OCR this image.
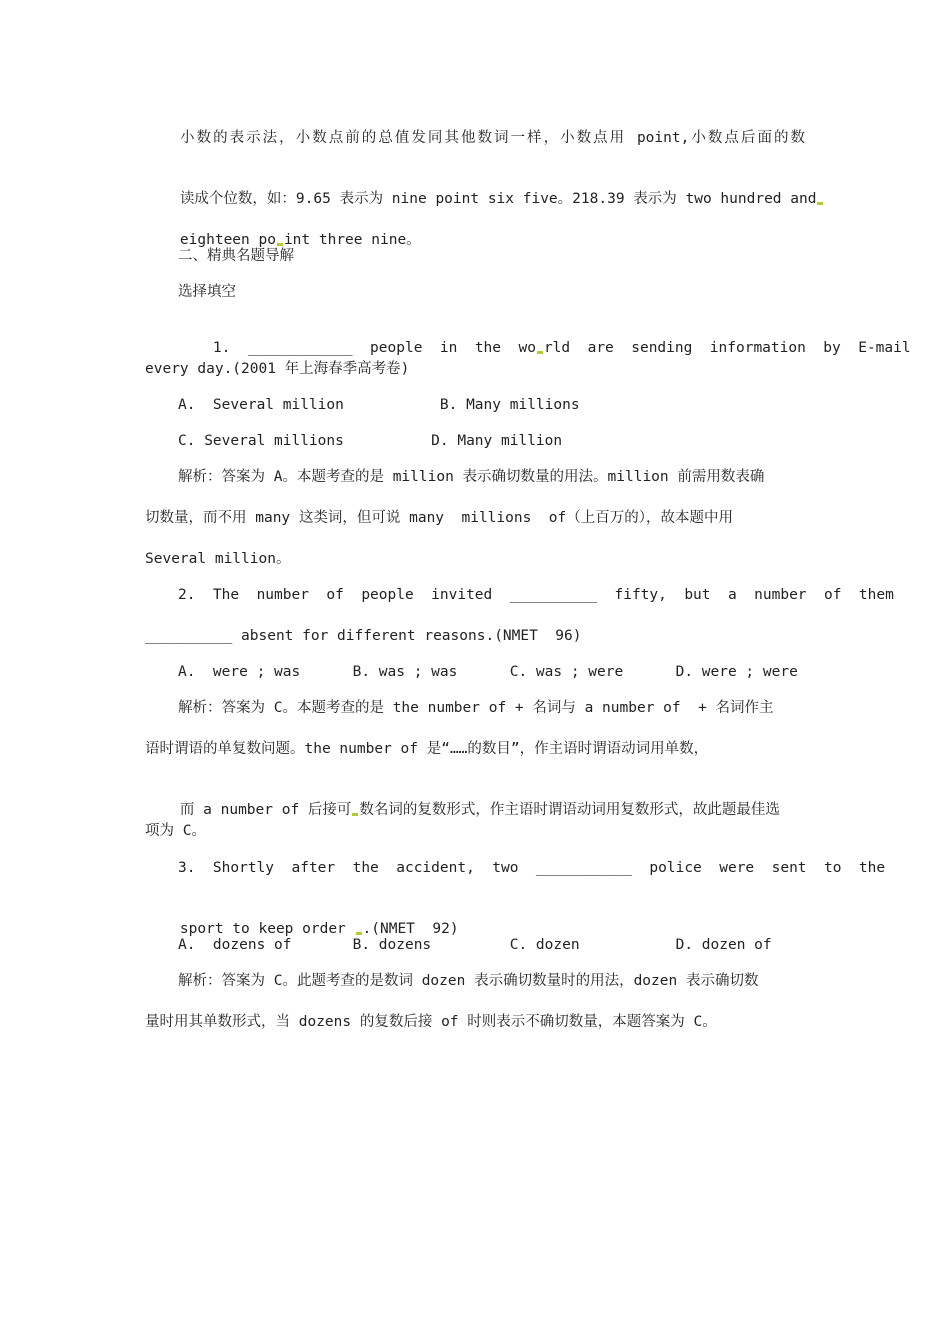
小数的表示法，小数点前的总值发同其他数词一样，小数点用 point,小数点后面的数

读成个位数，如：9.65 表示为 nine point six five。218.39 表示为 two hundred and

eighteen po int three nine。

二、精典名题导解
选择填空

1.  ____________  people  in  the  wo rld  are  sending  information  by  E-mail

every day.(2001 年上海春季高考卷)
A.  Several million           B. Many millions
C. Several millions          D. Many million
解析：答案为 A。本题考查的是 million 表示确切数量的用法。million 前需用数表确
切数量，而不用 many 这类词，但可说 many  millions  of（上百万的），故本题中用
Several million。
2.  The  number  of  people  invited  __________  fifty,  but  a  number  of  them
__________ absent for different reasons.(NMET  96)
A.  were ; was      B. was ; was      C. was ; were      D. were ; were
解析：答案为 C。本题考查的是 the number of + 名词与 a number of  + 名词作主
语时谓语的单复数问题。the number of 是“……的数目”，作主语时谓语动词用单数，

而 a number of 后接可 数名词的复数形式，作主语时谓语动词用复数形式，故此题最佳选

项为 C。
3.  Shortly  after  the  accident,  two  ___________  police  were  sent  to  the

sport to keep order .(NMET  92)

A.  dozens of       B. dozens         C. dozen           D. dozen of
解析：答案为 C。此题考查的是数词 dozen 表示确切数量时的用法，dozen 表示确切数
量时用其单数形式，当 dozens 的复数后接 of 时则表示不确切数量，本题答案为 C。
